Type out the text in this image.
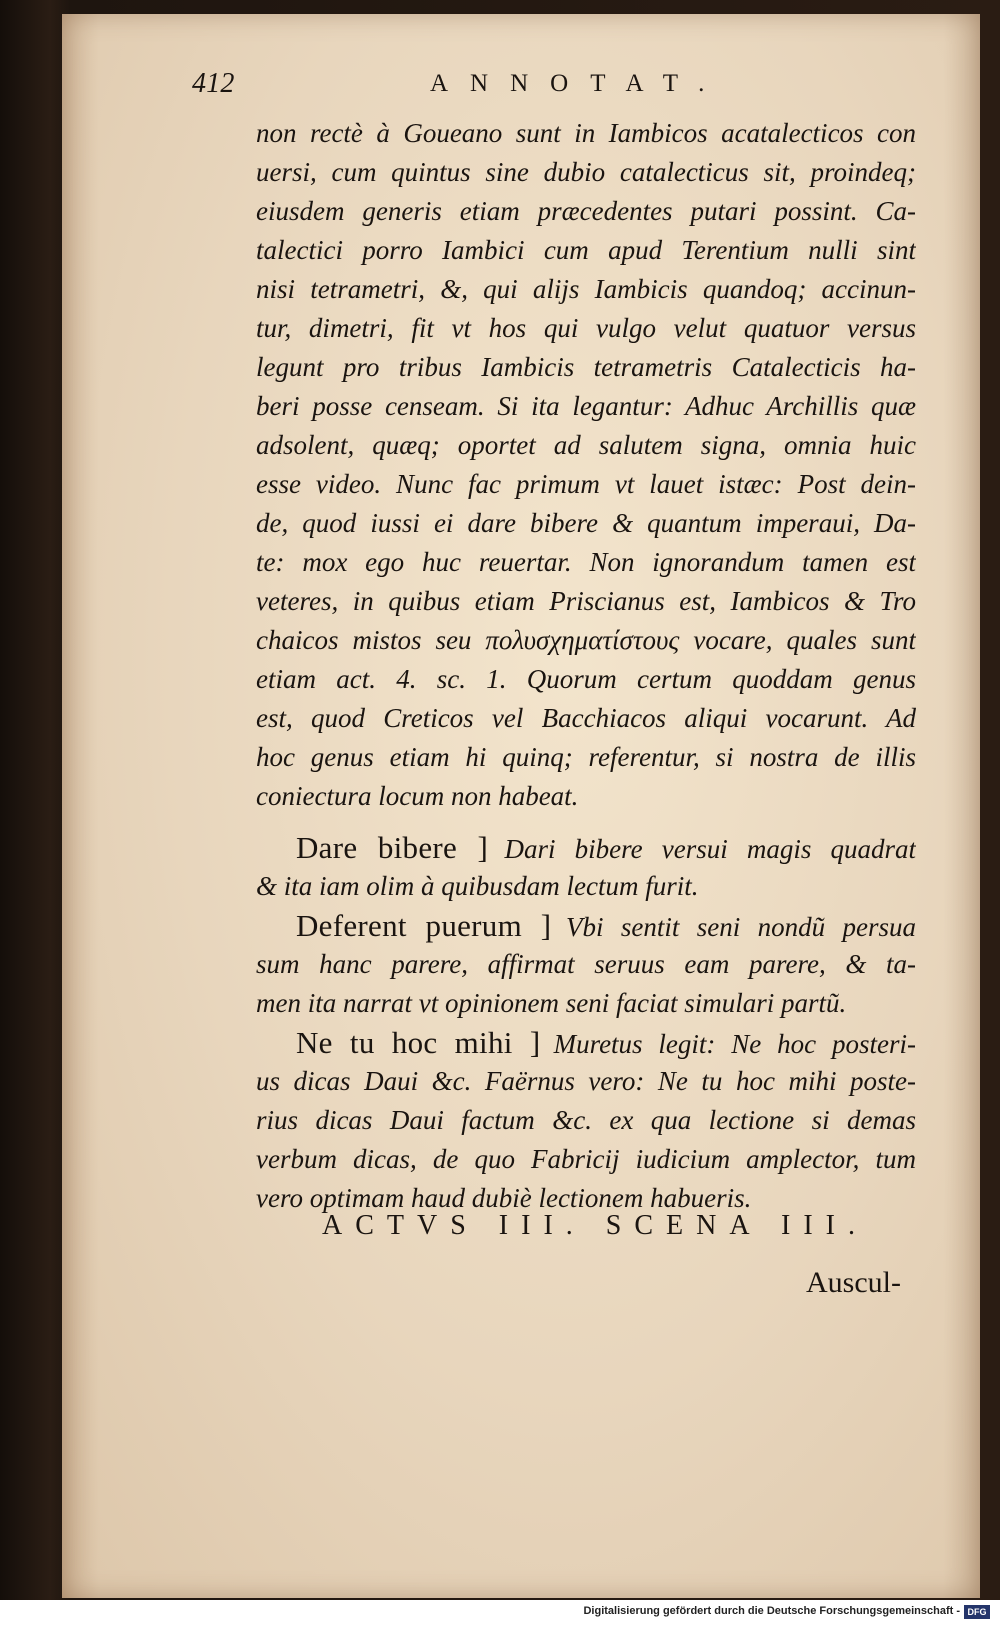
412	ANNOTAT.
non rectè à Goueano sunt in Iambicos acatalecticos con
uersi, cum quintus sine dubio catalecticus sit, proindeq;
eiusdem generis etiam præcedentes putari possint. Ca-
talectici porro Iambici cum apud Terentium nulli sint
nisi tetrametri, &, qui alijs Iambicis quandoq; accinun-
tur, dimetri, fit vt hos qui vulgo velut quatuor versus
legunt pro tribus Iambicis tetrametris Catalecticis ha-
beri posse censeam. Si ita legantur: Adhuc Archillis quæ
adsolent, quæq; oportet ad salutem signa, omnia huic
esse video. Nunc fac primum vt lauet istæc: Post dein-
de, quod iussi ei dare bibere & quantum imperaui, Da-
te: mox ego huc reuertar. Non ignorandum tamen est
veteres, in quibus etiam Priscianus est, Iambicos & Tro
chaicos mistos seu πολυσχηματίστους vocare, quales sunt
etiam act. 4. sc. 1. Quorum certum quoddam genus
est, quod Creticos vel Bacchiacos aliqui vocarunt. Ad
hoc genus etiam hi quinq; referentur, si nostra de illis
coniectura locum non habeat.
Dare bibere ] Dari bibere versui magis quadrat
& ita iam olim à quibusdam lectum furit.
Deferent puerum ] Vbi sentit seni nondũ persua
sum hanc parere, affirmat seruus eam parere, & ta-
men ita narrat vt opinionem seni faciat simulari partũ.
Ne tu hoc mihi ] Muretus legit: Ne hoc posteri-
us dicas Daui &c. Faërnus vero: Ne tu hoc mihi poste-
rius dicas Daui factum &c. ex qua lectione si demas
verbum dicas, de quo Fabricij iudicium amplector, tum
vero optimam haud dubiè lectionem habueris.
ACTVS III. SCENA III.
Auscul-
Digitalisierung gefördert durch die Deutsche Forschungsgemeinschaft - DFG
